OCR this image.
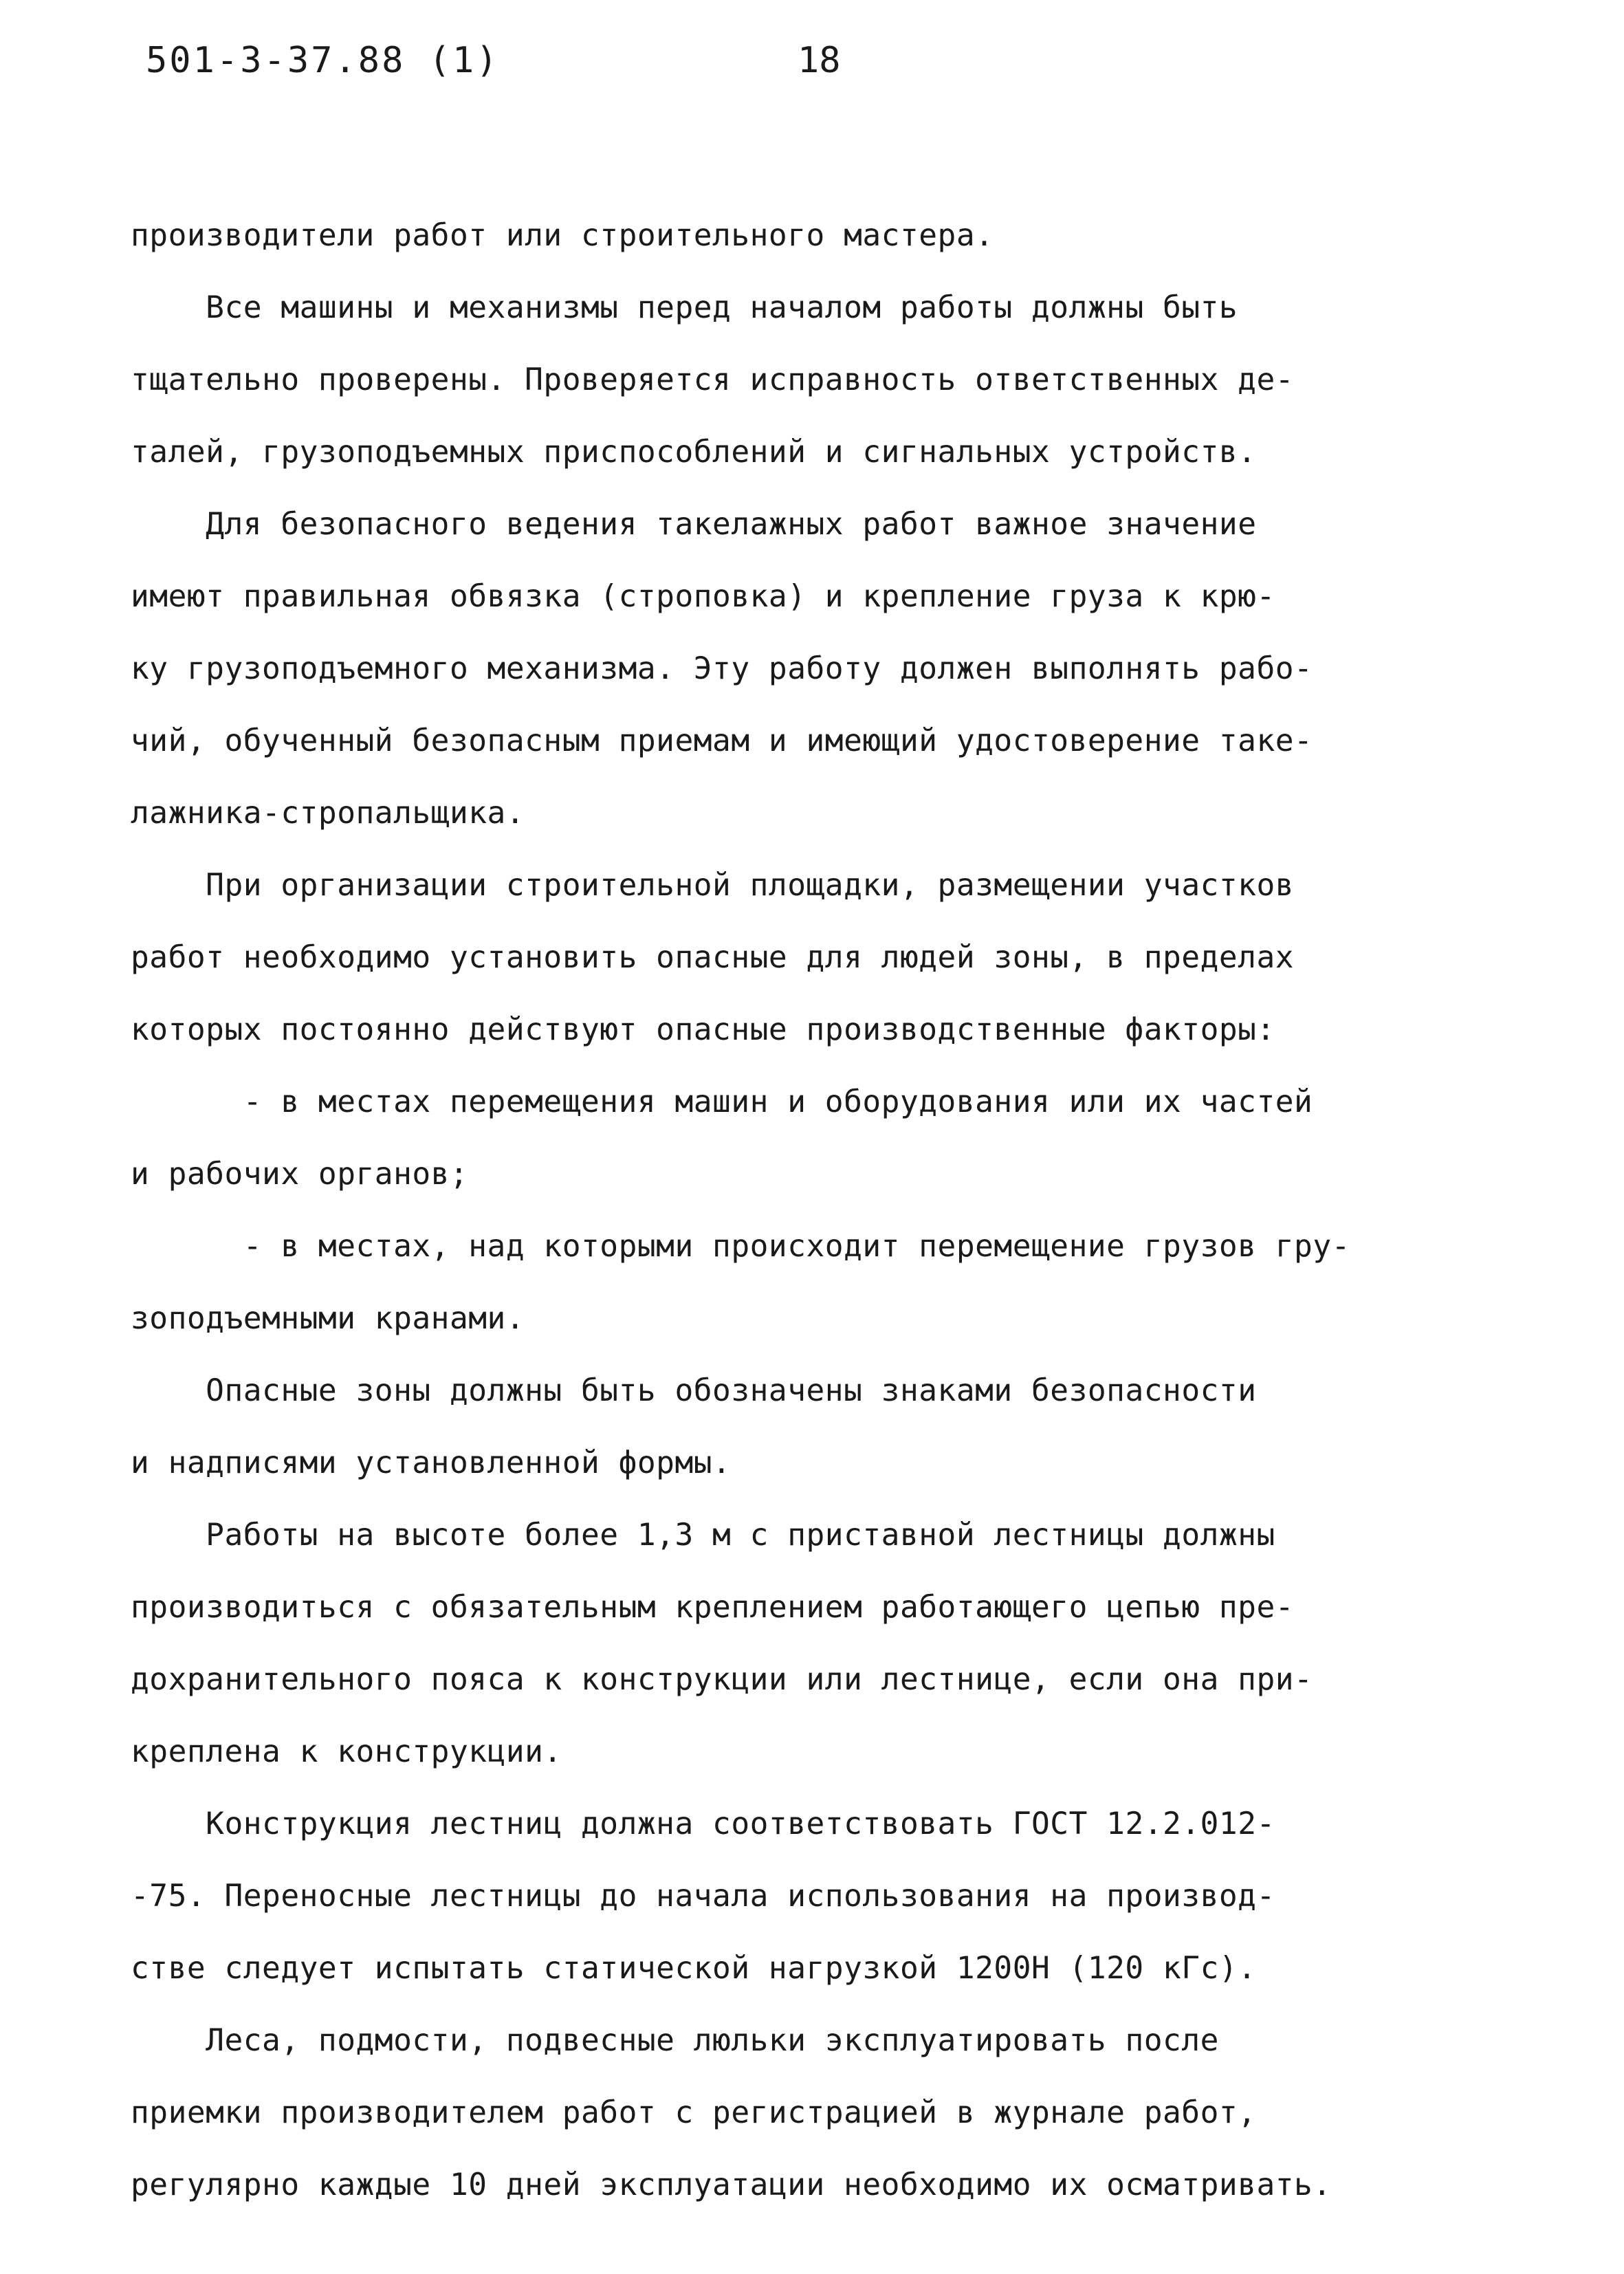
501-3-37.88 (1)	18

производители работ или строительного мастера.

Все машины и механизмы перед началом работы должны быть
тщательно проверены. Проверяется исправность ответственных де-
талей, грузоподъемных приспособлений и сигнальных устройств.

Для безопасного ведения такелажных работ важное значение
имеют правильная обвязка (строповка) и крепление груза к крю-
ку грузоподъемного механизма. Эту работу должен выполнять рабо-
чий, обученный безопасным приемам и имеющий удостоверение таке-
лажника-стропальщика.

При организации строительной площадки, размещении участков
работ необходимо установить опасные для людей зоны, в пределах
которых постоянно действуют опасные производственные факторы:

- в местах перемещения машин и оборудования или их частей
и рабочих органов;

- в местах, над которыми происходит перемещение грузов гру-
зоподъемными кранами.

Опасные зоны должны быть обозначены знаками безопасности
и надписями установленной формы.

Работы на высоте более 1,3 м с приставной лестницы должны
производиться с обязательным креплением работающего цепью пре-
дохранительного пояса к конструкции или лестнице, если она при-
креплена к конструкции.

Конструкция лестниц должна соответствовать ГОСТ 12.2.012-
-75. Переносные лестницы до начала использования на производ-
стве следует испытать статической нагрузкой 1200Н (120 кГс).

Леса, подмости, подвесные люльки эксплуатировать после
приемки производителем работ с регистрацией в журнале работ,
регулярно каждые 10 дней эксплуатации необходимо их осматривать.
